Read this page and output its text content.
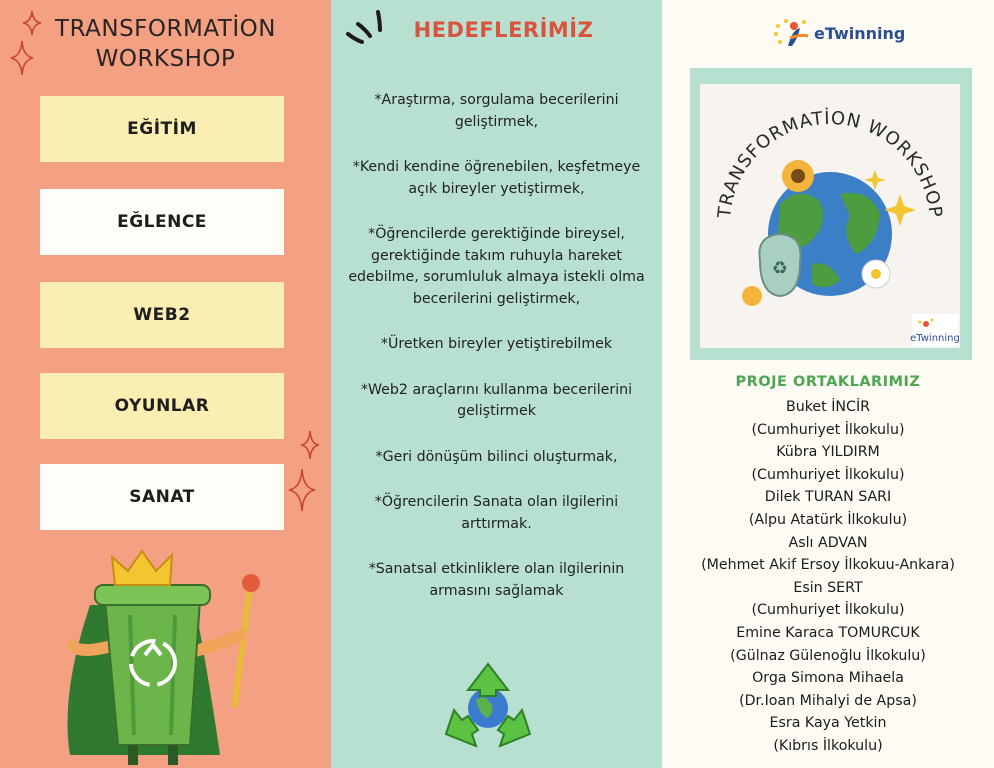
TRANSFORMATİON
WORKSHOP
EĞİTİM
EĞLENCE
WEB2
OYUNLAR
SANAT
HEDEFLERİMİZ
*Araştırma, sorgulama becerilerini geliştirmek,
*Kendi kendine öğrenebilen, keşfetmeye açık bireyler yetiştirmek,
*Öğrencilerde gerektiğinde bireysel, gerektiğinde takım ruhuyla hareket edebilme, sorumluluk almaya istekli olma becerilerini geliştirmek,
*Üretken bireyler yetiştirebilmek
*Web2 araçlarını kullanma becerilerini geliştirmek
*Geri dönüşüm bilinci oluşturmak,
*Öğrencilerin Sanata olan ilgilerini arttırmak.
*Sanatsal etkinliklere olan ilgilerinin armasını sağlamak
eTwinning
TRANSFORMATİON WORKSHOP
♻
eTwinning
PROJE ORTAKLARIMIZ
Buket İNCİR
(Cumhuriyet İlkokulu)
Kübra YILDIRM
(Cumhuriyet İlkokulu)
Dilek TURAN SARI
(Alpu Atatürk İlkokulu)
Aslı ADVAN
(Mehmet Akif Ersoy İlkokuu-Ankara)
Esin SERT
(Cumhuriyet İlkokulu)
Emine Karaca TOMURCUK
(Gülnaz Gülenoğlu İlkokulu)
Orga Simona Mihaela
(Dr.Ioan Mihalyi de Apsa)
Esra Kaya Yetkin
(Kıbrıs İlkokulu)
